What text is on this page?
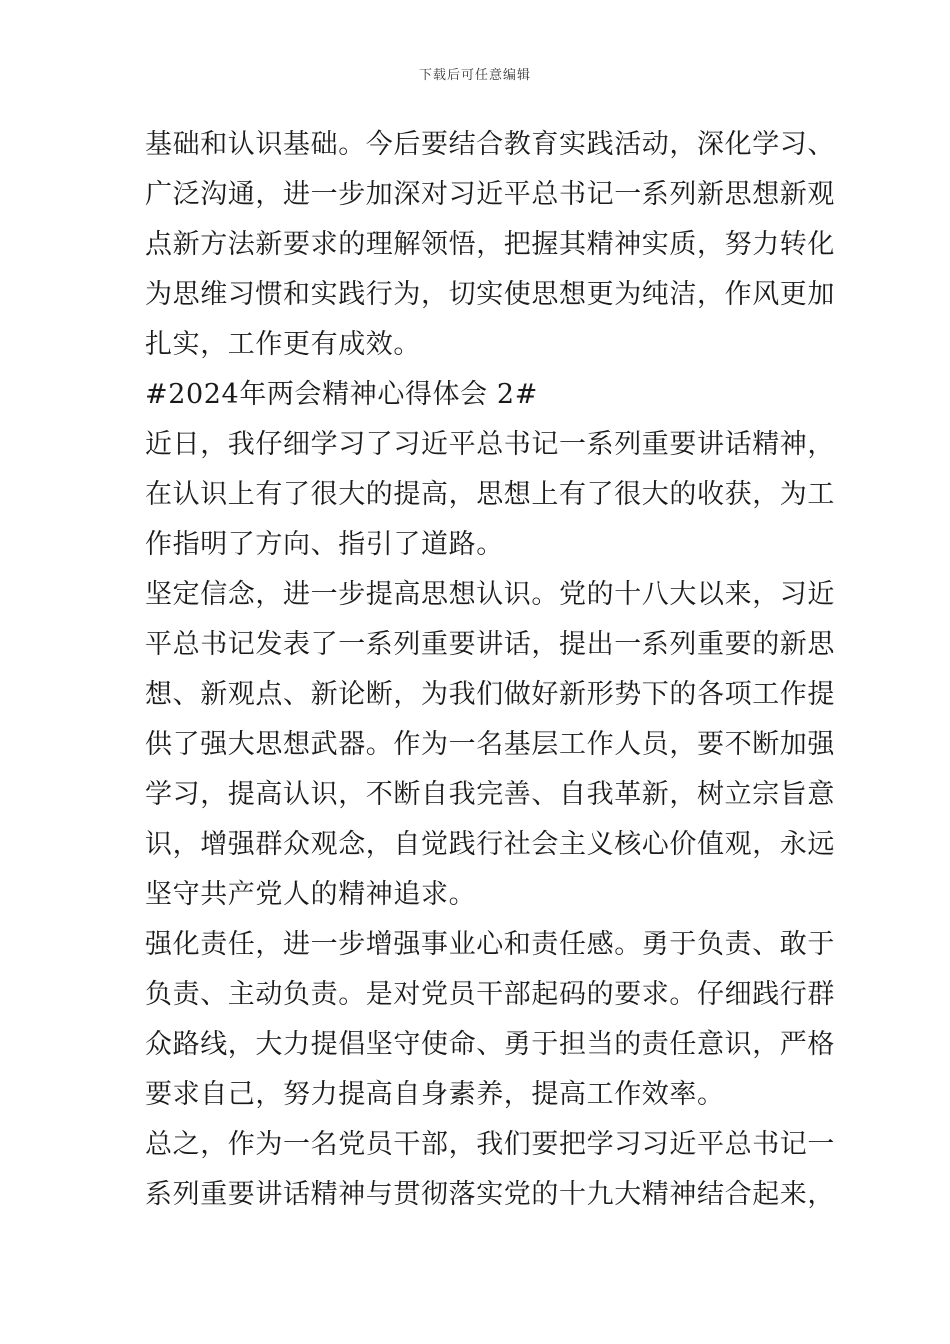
下载后可任意编辑

基础和认识基础。今后要结合教育实践活动，深化学习、
广泛沟通，进一步加深对习近平总书记一系列新思想新观
点新方法新要求的理解领悟，把握其精神实质，努力转化
为思维习惯和实践行为，切实使思想更为纯洁，作风更加
扎实，工作更有成效。

#2024年两会精神心得体会 2#

近日，我仔细学习了习近平总书记一系列重要讲话精神，
在认识上有了很大的提高，思想上有了很大的收获，为工
作指明了方向、指引了道路。

坚定信念，进一步提高思想认识。党的十八大以来，习近
平总书记发表了一系列重要讲话，提出一系列重要的新思
想、新观点、新论断，为我们做好新形势下的各项工作提
供了强大思想武器。作为一名基层工作人员，要不断加强
学习，提高认识，不断自我完善、自我革新，树立宗旨意
识，增强群众观念，自觉践行社会主义核心价值观，永远
坚守共产党人的精神追求。

强化责任，进一步增强事业心和责任感。勇于负责、敢于
负责、主动负责。是对党员干部起码的要求。仔细践行群
众路线，大力提倡坚守使命、勇于担当的责任意识，严格
要求自己，努力提高自身素养，提高工作效率。

总之，作为一名党员干部，我们要把学习习近平总书记一
系列重要讲话精神与贯彻落实党的十九大精神结合起来，
